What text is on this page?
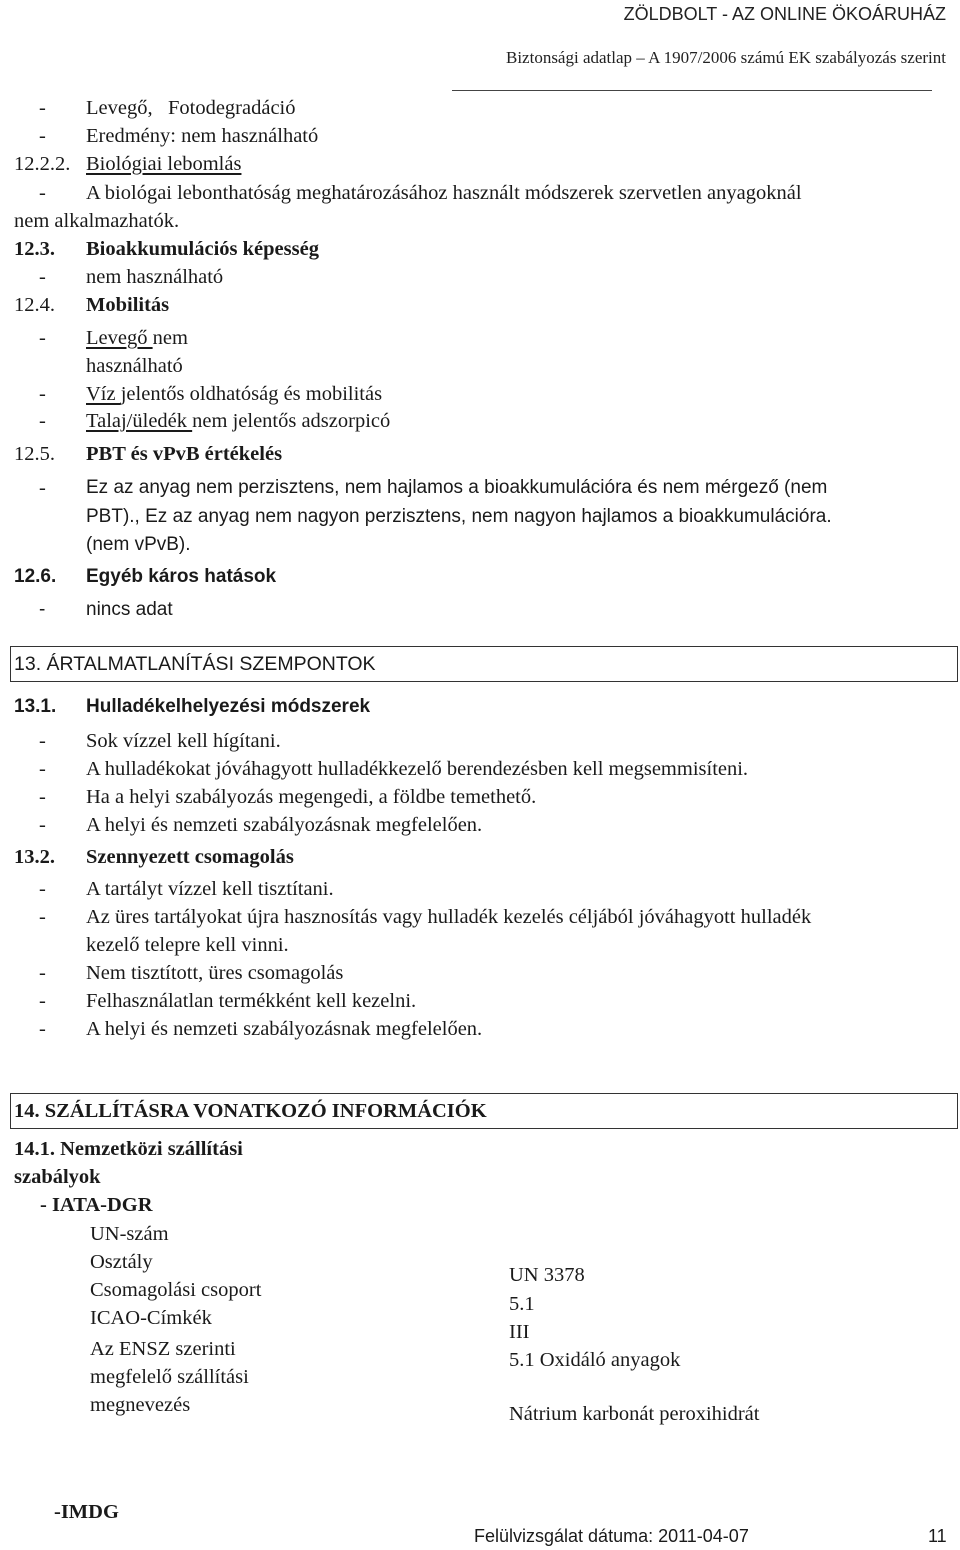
ZÖLDBOLT - AZ ONLINE ÖKOÁRUHÁZ
Biztonsági adatlap – A 1907/2006 számú EK szabályozás szerint
- Levegő,   Fotodegradáció
- Eredmény: nem használható
12.2.2. Biológiai lebomlás
- A biológai lebonthatóság meghatározásához használt módszerek szervetlen anyagoknál
nem alkalmazhatók.
12.3. Bioakkumulációs képesség
- nem használható
12.4. Mobilitás
- Levegő nem
használható
- Víz jelentős oldhatóság és mobilitás
- Talaj/üledék nem jelentős adszorpicó
12.5. PBT és vPvB értékelés
- Ez az anyag nem perzisztens, nem hajlamos a bioakkumulációra és nem mérgező (nem
PBT)., Ez az anyag nem nagyon perzisztens, nem nagyon hajlamos a bioakkumulációra.
(nem vPvB).
12.6. Egyéb káros hatások
- nincs adat
13. ÁRTALMATLANÍTÁSI SZEMPONTOK
13.1. Hulladékelhelyezési módszerek
- Sok vízzel kell hígítani.
- A hulladékokat jóváhagyott hulladékkezelő berendezésben kell megsemmisíteni.
- Ha a helyi szabályozás megengedi, a földbe temethető.
- A helyi és nemzeti szabályozásnak megfelelően.
13.2. Szennyezett csomagolás
- A tartályt vízzel kell tisztítani.
- Az üres tartályokat újra hasznosítás vagy hulladék kezelés céljából jóváhagyott hulladék
kezelő telepre kell vinni.
- Nem tisztított, üres csomagolás
- Felhasználatlan termékként kell kezelni.
- A helyi és nemzeti szabályozásnak megfelelően.
14. SZÁLLÍTÁSRA VONATKOZÓ INFORMÁCIÓK
14.1. Nemzetközi szállítási
szabályok
- IATA-DGR
UN-szám
Osztály
Csomagolási csoport
ICAO-Címkék
Az ENSZ szerinti
megfelelő szállítási
megnevezés
UN 3378
5.1
III
5.1 Oxidáló anyagok
Nátrium karbonát peroxihidrát
-IMDG
Felülvizsgálat dátuma: 2011-04-07	11
